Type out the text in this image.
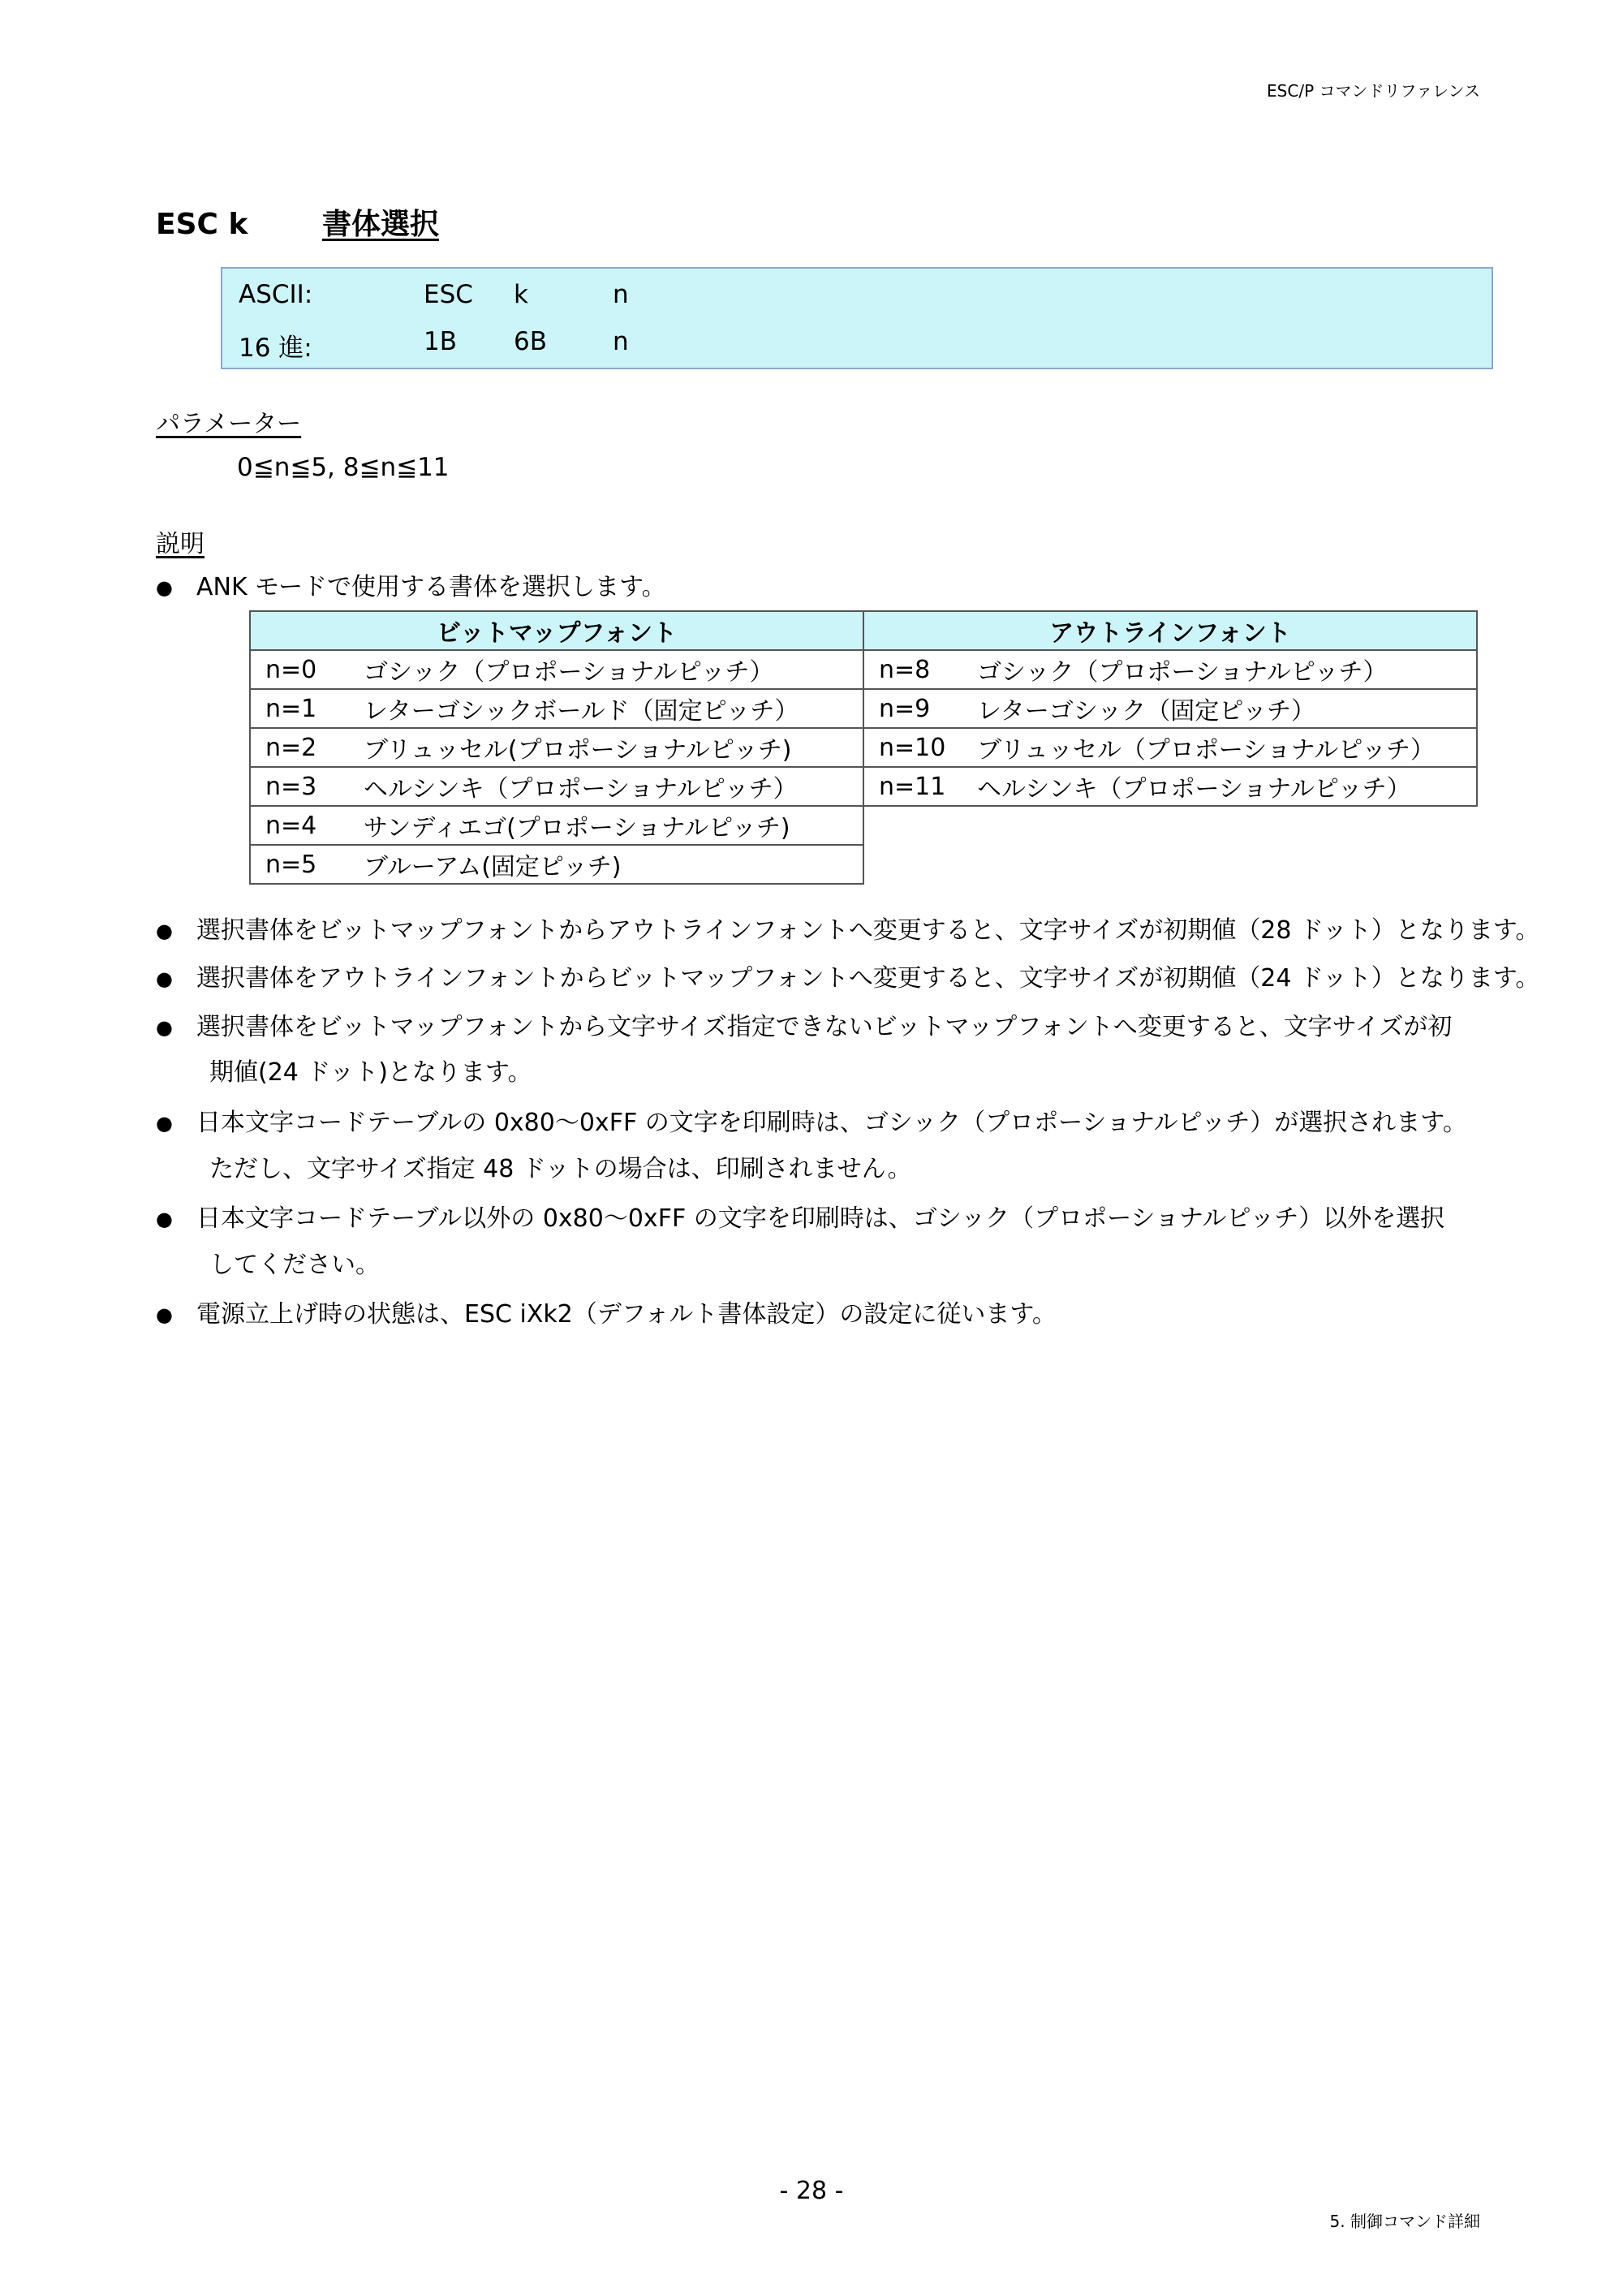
ESC/P コマンドリファレンス
ESC k	書体選択
ASCII:	ESC k	n
16 進:	1B 6B	n
パラメーター
0≦n≦5, 8≦n≦11
説明
● ANK モードで使用する書体を選択します。
ビットマップフォント		アウトラインフォント	
n=0	ゴシック（プロポーショナルピッチ）	n=8	ゴシック（プロポーショナルピッチ）
n=1	レターゴシックボールド（固定ピッチ）	n=9	レターゴシック（固定ピッチ）
n=2	ブリュッセル(プロポーショナルピッチ)	n=10	ブリュッセル（プロポーショナルピッチ）
n=3	ヘルシンキ（プロポーショナルピッチ）	n=11	ヘルシンキ（プロポーショナルピッチ）
n=4	サンディエゴ(プロポーショナルピッチ)		
n=5	ブルーアム(固定ピッチ)		
● 選択書体をビットマップフォントからアウトラインフォントへ変更すると、文字サイズが初期値（28 ドット）となります。
● 選択書体をアウトラインフォントからビットマップフォントへ変更すると、文字サイズが初期値（24 ドット）となります。
● 選択書体をビットマップフォントから文字サイズ指定できないビットマップフォントへ変更すると、文字サイズが初
期値(24 ドット)となります。
● 日本文字コードテーブルの 0x80～0xFF の文字を印刷時は、ゴシック（プロポーショナルピッチ）が選択されます。
ただし、文字サイズ指定 48 ドットの場合は、印刷されません。
● 日本文字コードテーブル以外の 0x80～0xFF の文字を印刷時は、ゴシック（プロポーショナルピッチ）以外を選択
してください。
● 電源立上げ時の状態は、ESC iXk2（デフォルト書体設定）の設定に従います。
- 28 -
5. 制御コマンド詳細
